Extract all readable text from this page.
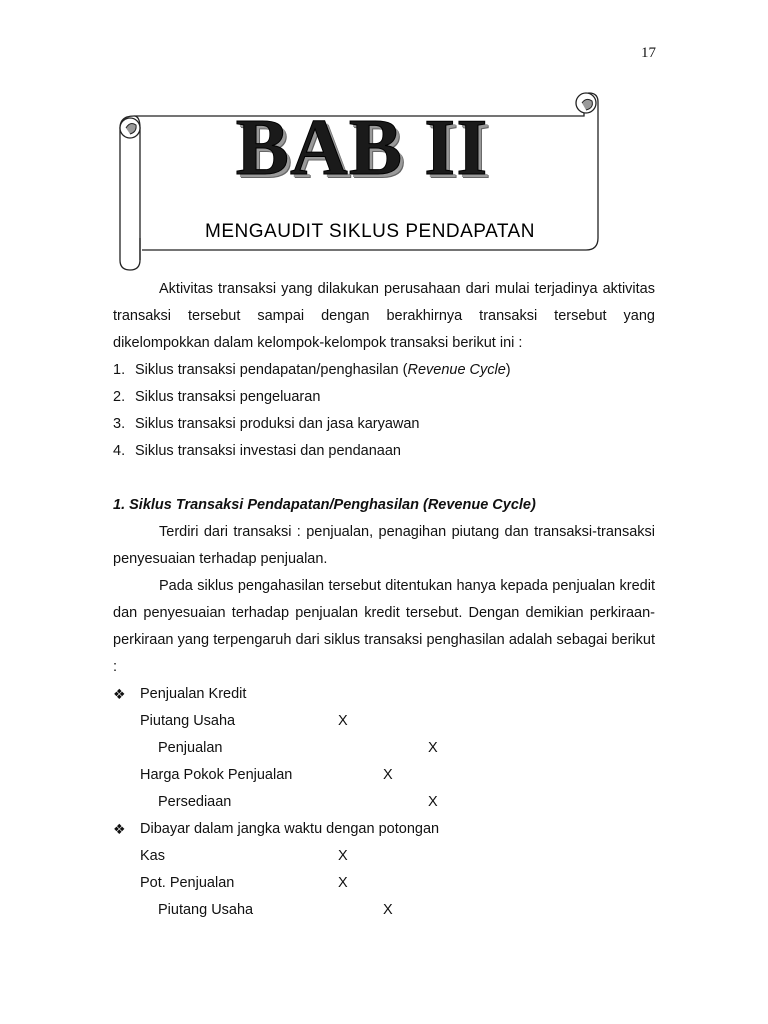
17
BAB II
MENGAUDIT SIKLUS PENDAPATAN

Aktivitas transaksi yang dilakukan perusahaan dari mulai terjadinya aktivitas transaksi tersebut sampai dengan berakhirnya transaksi tersebut yang dikelompokkan dalam kelompok-kelompok transaksi berikut ini :

1. Siklus transaksi pendapatan/penghasilan (Revenue Cycle)
2. Siklus transaksi pengeluaran
3. Siklus transaksi produksi dan jasa karyawan
4. Siklus transaksi investasi dan pendanaan

1. Siklus Transaksi Pendapatan/Penghasilan (Revenue Cycle)

Terdiri dari transaksi : penjualan, penagihan piutang dan transaksi-transaksi penyesuaian terhadap penjualan.

Pada siklus pengahasilan tersebut ditentukan hanya kepada penjualan kredit dan penyesuaian terhadap penjualan kredit tersebut. Dengan demikian perkiraan-perkiraan yang terpengaruh dari siklus transaksi penghasilan adalah sebagai berikut :

❖ Penjualan Kredit
Piutang Usaha	X
Penjualan	X
Harga Pokok Penjualan	X
Persediaan	X
❖ Dibayar dalam jangka waktu dengan potongan
Kas	X
Pot. Penjualan	X
Piutang Usaha	X
